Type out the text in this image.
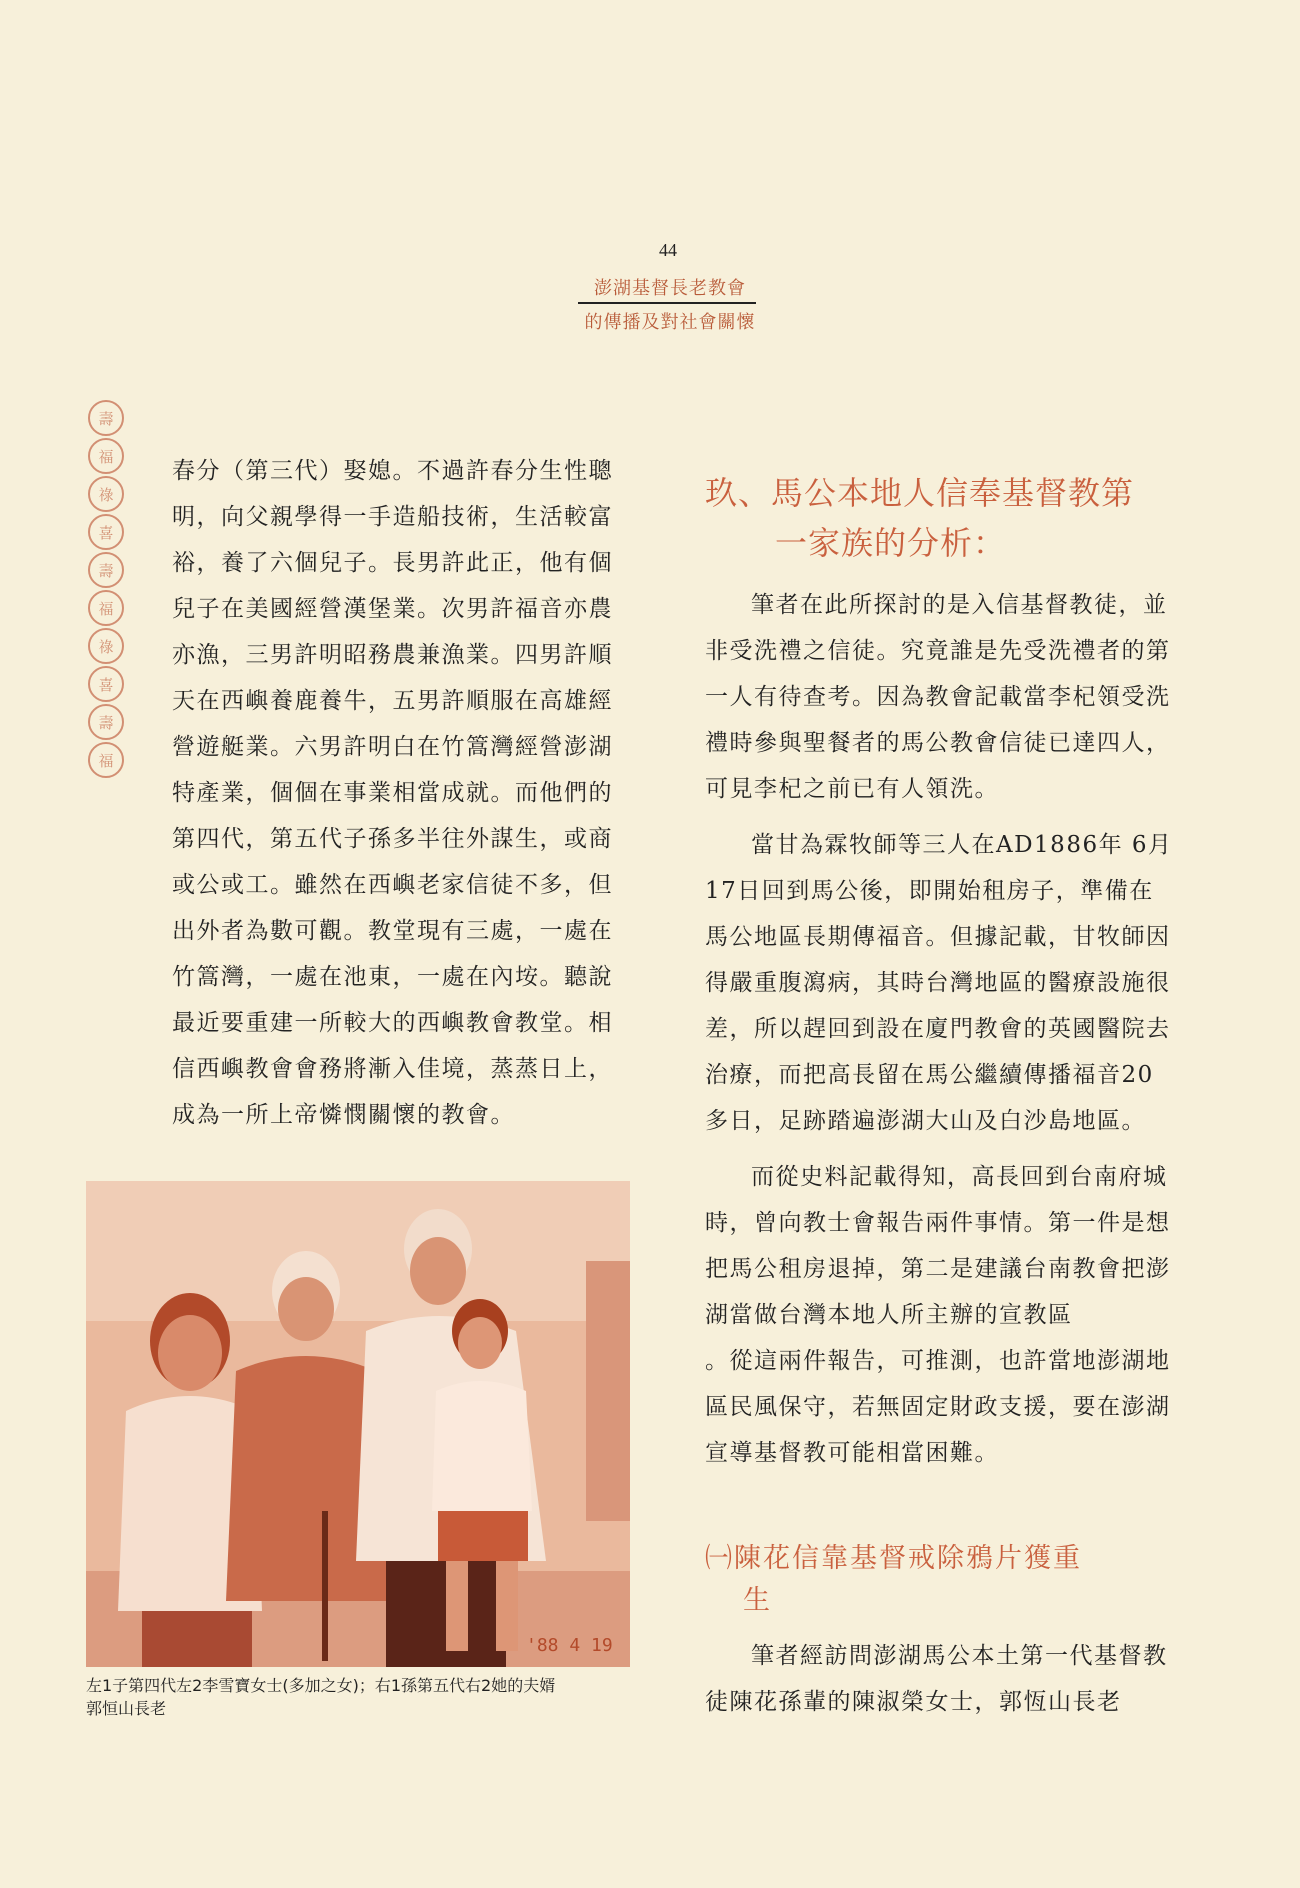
44
澎湖基督長老教會
的傳播及對社會關懷
壽
福
祿
喜
壽
福
祿
喜
壽
福

春分（第三代）娶媳。不過許春分生性聰明，向父親學得一手造船技術，生活較富裕，養了六個兒子。長男許此正，他有個兒子在美國經營漢堡業。次男許福音亦農亦漁，三男許明昭務農兼漁業。四男許順天在西嶼養鹿養牛，五男許順服在高雄經營遊艇業。六男許明白在竹篙灣經營澎湖特產業，個個在事業相當成就。而他們的第四代，第五代子孫多半往外謀生，或商或公或工。雖然在西嶼老家信徒不多，但出外者為數可觀。教堂現有三處，一處在竹篙灣，一處在池東，一處在內垵。聽說最近要重建一所較大的西嶼教會教堂。相信西嶼教會會務將漸入佳境，蒸蒸日上，成為一所上帝憐憫關懷的教會。

玖、馬公本地人信奉基督教第
一家族的分析：

筆者在此所探討的是入信基督教徒，並非受洗禮之信徒。究竟誰是先受洗禮者的第一人有待查考。因為教會記載當李杞領受洗禮時參與聖餐者的馬公教會信徒已達四人，可見李杞之前已有人領洗。

當甘為霖牧師等三人在AD1886年 6月17日回到馬公後，即開始租房子，準備在馬公地區長期傳福音。但據記載，甘牧師因得嚴重腹瀉病，其時台灣地區的醫療設施很差，所以趕回到設在廈門教會的英國醫院去治療，而把高長留在馬公繼續傳播福音20多日，足跡踏遍澎湖大山及白沙島地區。

而從史料記載得知，高長回到台南府城時，曾向教士會報告兩件事情。第一件是想把馬公租房退掉，第二是建議台南教會把澎湖當做台灣本地人所主辦的宣教區

。從這兩件報告，可推測，也許當地澎湖地區民風保守，若無固定財政支援，要在澎湖宣導基督教可能相當困難。

㈠陳花信靠基督戒除鴉片獲重
生

筆者經訪問澎湖馬公本土第一代基督教徒陳花孫輩的陳淑榮女士，郭恆山長老

'88 4 19
左1子第四代左2李雪寶女士(多加之女)；右1孫第五代右2她的夫婿
郭恒山長老
